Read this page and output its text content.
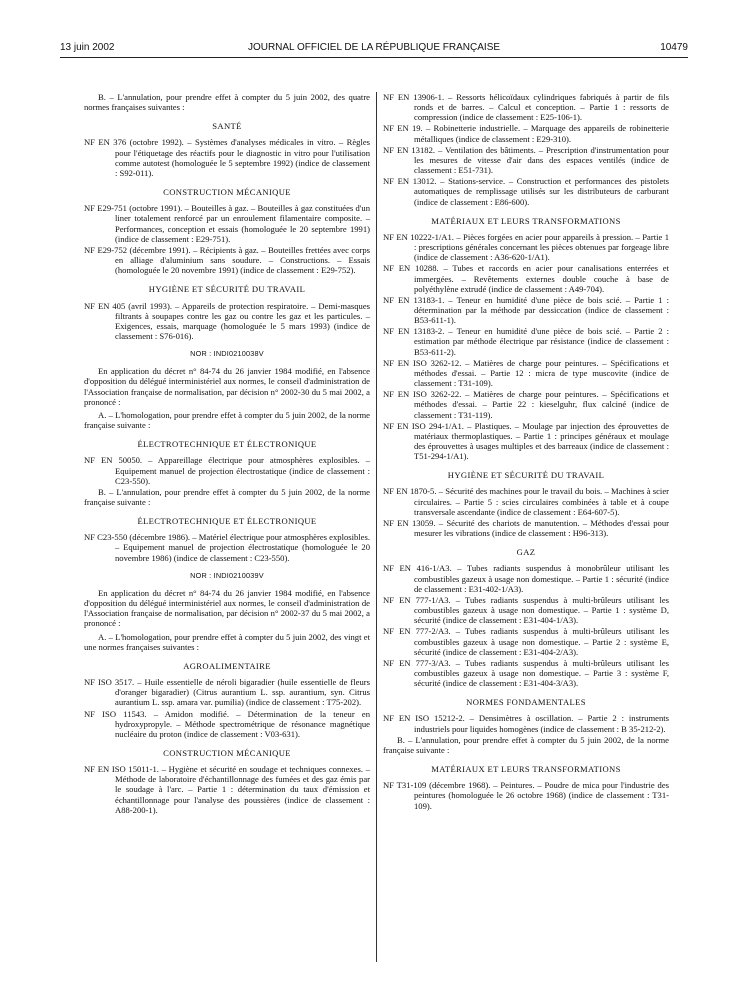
13 juin 2002	JOURNAL OFFICIEL DE LA RÉPUBLIQUE FRANÇAISE	10479
B. – L'annulation, pour prendre effet à compter du 5 juin 2002, des quatre normes françaises suivantes :
SANTÉ
NF EN 376 (octobre 1992). – Systèmes d'analyses médicales in vitro. – Règles pour l'étiquetage des réactifs pour le diagnostic in vitro pour l'utilisation comme autotest (homologuée le 5 septembre 1992) (indice de classement : S92-011).
CONSTRUCTION MÉCANIQUE
NF E29-751 (octobre 1991). – Bouteilles à gaz. – Bouteilles à gaz constituées d'un liner totalement renforcé par un enroulement filamentaire composite. – Performances, conception et essais (homologuée le 20 septembre 1991) (indice de classement : E29-751).
NF E29-752 (décembre 1991). – Récipients à gaz. – Bouteilles frettées avec corps en alliage d'aluminium sans soudure. – Constructions. – Essais (homologuée le 20 novembre 1991) (indice de classement : E29-752).
HYGIÈNE ET SÉCURITÉ DU TRAVAIL
NF EN 405 (avril 1993). – Appareils de protection respiratoire. – Demi-masques filtrants à soupapes contre les gaz ou contre les gaz et les particules. – Exigences, essais, marquage (homologuée le 5 mars 1993) (indice de classement : S76-016).
NOR : INDI0210038V
En application du décret n° 84-74 du 26 janvier 1984 modifié, en l'absence d'opposition du délégué interministériel aux normes, le conseil d'administration de l'Association française de normalisation, par décision n° 2002-30 du 5 mai 2002, a prononcé :
A. – L'homologation, pour prendre effet à compter du 5 juin 2002, de la norme française suivante :
ÉLECTROTECHNIQUE ET ÉLECTRONIQUE
NF EN 50050. – Appareillage électrique pour atmosphères explosibles. – Equipement manuel de projection électrostatique (indice de classement : C23-550).
B. – L'annulation, pour prendre effet à compter du 5 juin 2002, de la norme française suivante :
ÉLECTROTECHNIQUE ET ÉLECTRONIQUE
NF C23-550 (décembre 1986). – Matériel électrique pour atmosphères explosibles. – Equipement manuel de projection électrostatique (homologuée le 20 novembre 1986) (indice de classement : C23-550).
NOR : INDI0210039V
En application du décret n° 84-74 du 26 janvier 1984 modifié, en l'absence d'opposition du délégué interministériel aux normes, le conseil d'administration de l'Association française de normalisation, par décision n° 2002-37 du 5 mai 2002, a prononcé :
A. – L'homologation, pour prendre effet à compter du 5 juin 2002, des vingt et une normes françaises suivantes :
AGROALIMENTAIRE
NF ISO 3517. – Huile essentielle de néroli bigaradier (huile essentielle de fleurs d'oranger bigaradier) (Citrus aurantium L. ssp. aurantium, syn. Citrus aurantium L. ssp. amara var. pumilia) (indice de classement : T75-202).
NF ISO 11543. – Amidon modifié. – Détermination de la teneur en hydroxypropyle. – Méthode spectrométrique de résonance magnétique nucléaire du proton (indice de classement : V03-631).
CONSTRUCTION MÉCANIQUE
NF EN ISO 15011-1. – Hygiène et sécurité en soudage et techniques connexes. – Méthode de laboratoire d'échantillonnage des fumées et des gaz émis par le soudage à l'arc. – Partie 1 : détermination du taux d'émission et échantillonnage pour l'analyse des poussières (indice de classement : A88-200-1).
NF EN 13906-1. – Ressorts hélicoïdaux cylindriques fabriqués à partir de fils ronds et de barres. – Calcul et conception. – Partie 1 : ressorts de compression (indice de classement : E25-106-1).
NF EN 19. – Robinetterie industrielle. – Marquage des appareils de robinetterie métalliques (indice de classement : E29-310).
NF EN 13182. – Ventilation des bâtiments. – Prescription d'instrumentation pour les mesures de vitesse d'air dans des espaces ventilés (indice de classement : E51-731).
NF EN 13012. – Stations-service. – Construction et performances des pistolets automatiques de remplissage utilisés sur les distributeurs de carburant (indice de classement : E86-600).
MATÉRIAUX ET LEURS TRANSFORMATIONS
NF EN 10222-1/A1. – Pièces forgées en acier pour appareils à pression. – Partie 1 : prescriptions générales concernant les pièces obtenues par forgeage libre (indice de classement : A36-620-1/A1).
NF EN 10288. – Tubes et raccords en acier pour canalisations enterrées et immergées. – Revêtements externes double couche à base de polyéthylène extrudé (indice de classement : A49-704).
NF EN 13183-1. – Teneur en humidité d'une pièce de bois scié. – Partie 1 : détermination par la méthode par dessiccation (indice de classement : B53-611-1).
NF EN 13183-2. – Teneur en humidité d'une pièce de bois scié. – Partie 2 : estimation par méthode électrique par résistance (indice de classement : B53-611-2).
NF EN ISO 3262-12. – Matières de charge pour peintures. – Spécifications et méthodes d'essai. – Partie 12 : micra de type muscovite (indice de classement : T31-109).
NF EN ISO 3262-22. – Matières de charge pour peintures. – Spécifications et méthodes d'essai. – Partie 22 : kieselguhr, flux calciné (indice de classement : T31-119).
NF EN ISO 294-1/A1. – Plastiques. – Moulage par injection des éprouvettes de matériaux thermoplastiques. – Partie 1 : principes généraux et moulage des éprouvettes à usages multiples et des barreaux (indice de classement : T51-294-1/A1).
HYGIÈNE ET SÉCURITÉ DU TRAVAIL
NF EN 1870-5. – Sécurité des machines pour le travail du bois. – Machines à scier circulaires. – Partie 5 : scies circulaires combinées à table et à coupe transversale ascendante (indice de classement : E64-607-5).
NF EN 13059. – Sécurité des chariots de manutention. – Méthodes d'essai pour mesurer les vibrations (indice de classement : H96-313).
GAZ
NF EN 416-1/A3. – Tubes radiants suspendus à monobrûleur utilisant les combustibles gazeux à usage non domestique. – Partie 1 : sécurité (indice de classement : E31-402-1/A3).
NF EN 777-1/A3. – Tubes radiants suspendus à multi-brûleurs utilisant les combustibles gazeux à usage non domestique. – Partie 1 : système D, sécurité (indice de classement : E31-404-1/A3).
NF EN 777-2/A3. – Tubes radiants suspendus à multi-brûleurs utilisant les combustibles gazeux à usage non domestique. – Partie 2 : système E, sécurité (indice de classement : E31-404-2/A3).
NF EN 777-3/A3. – Tubes radiants suspendus à multi-brûleurs utilisant les combustibles gazeux à usage non domestique. – Partie 3 : système F, sécurité (indice de classement : E31-404-3/A3).
NORMES FONDAMENTALES
NF EN ISO 15212-2. – Densimètres à oscillation. – Partie 2 : instruments industriels pour liquides homogènes (indice de classement : B 35-212-2).
B. – L'annulation, pour prendre effet à compter du 5 juin 2002, de la norme française suivante :
MATÉRIAUX ET LEURS TRANSFORMATIONS
NF T31-109 (décembre 1968). – Peintures. – Poudre de mica pour l'industrie des peintures (homologuée le 26 octobre 1968) (indice de classement : T31-109).
